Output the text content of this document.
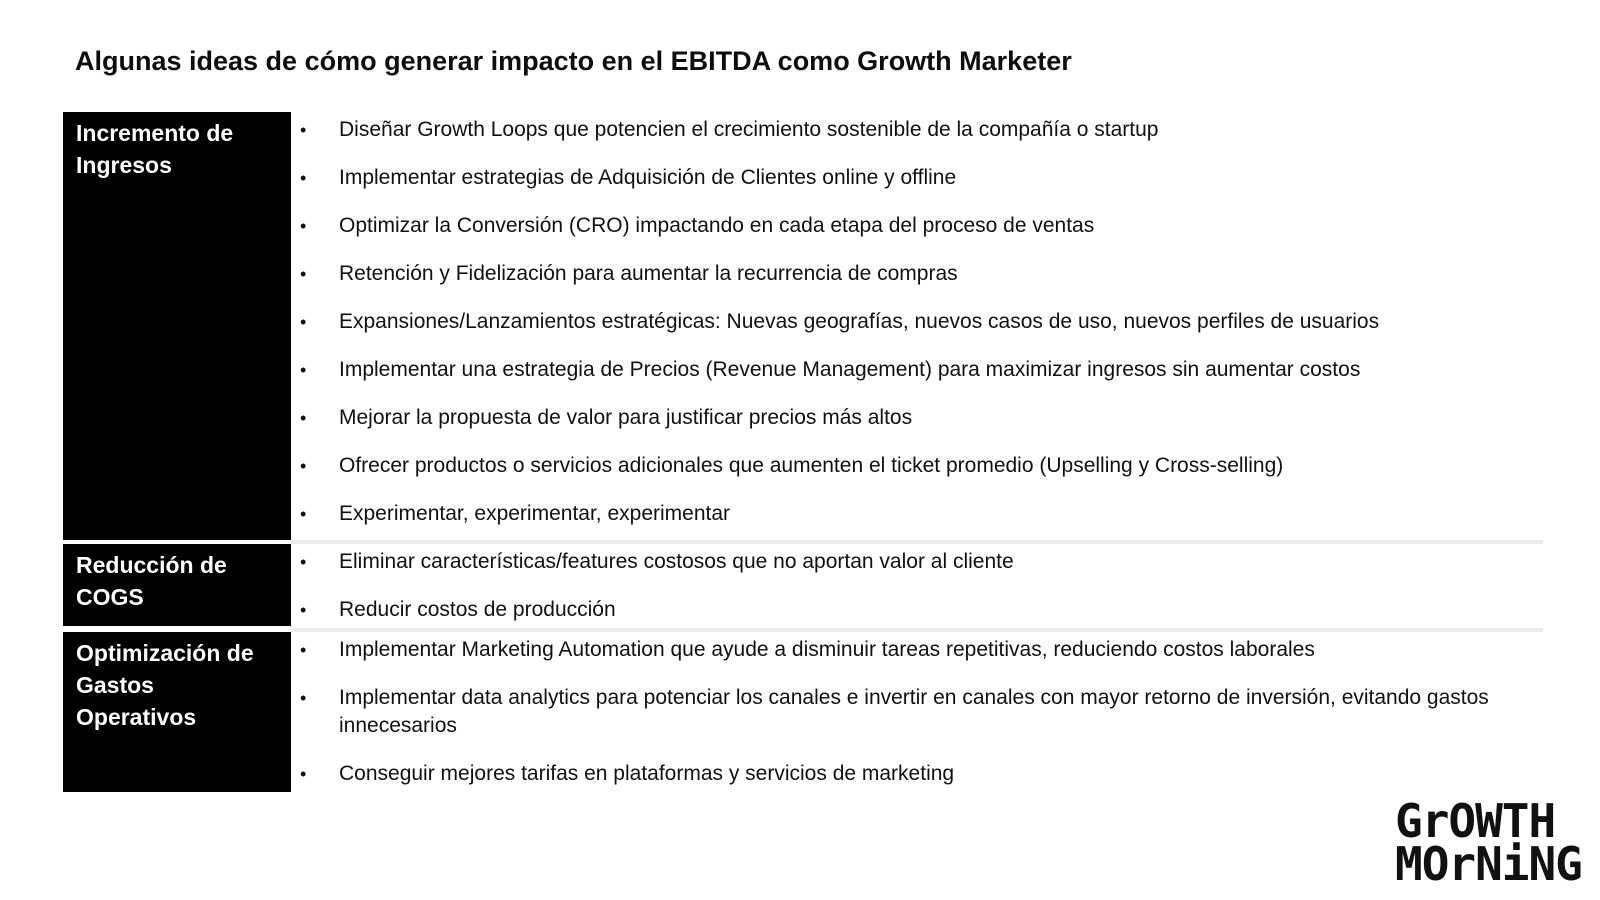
Algunas ideas de cómo generar impacto en el EBITDA como Growth Marketer
Incremento de Ingresos
• Diseñar Growth Loops que potencien el crecimiento sostenible de la compañía o startup
• Implementar estrategias de Adquisición de Clientes online y offline
• Optimizar la Conversión (CRO) impactando en cada etapa del proceso de ventas
• Retención y Fidelización para aumentar la recurrencia de compras
• Expansiones/Lanzamientos estratégicas: Nuevas geografías, nuevos casos de uso, nuevos perfiles de usuarios
• Implementar una estrategia de Precios (Revenue Management) para maximizar ingresos sin aumentar costos
• Mejorar la propuesta de valor para justificar precios más altos
• Ofrecer productos o servicios adicionales que aumenten el ticket promedio (Upselling y Cross-selling)
• Experimentar, experimentar, experimentar
Reducción de COGS
• Eliminar características/features costosos que no aportan valor al cliente
• Reducir costos de producción
Optimización de Gastos Operativos
• Implementar Marketing Automation que ayude a disminuir tareas repetitivas, reduciendo costos laborales
• Implementar data analytics para potenciar los canales e invertir en canales con mayor retorno de inversión, evitando gastos innecesarios
• Conseguir mejores tarifas en plataformas y servicios de marketing
GrOWTH
MOrNiNG
